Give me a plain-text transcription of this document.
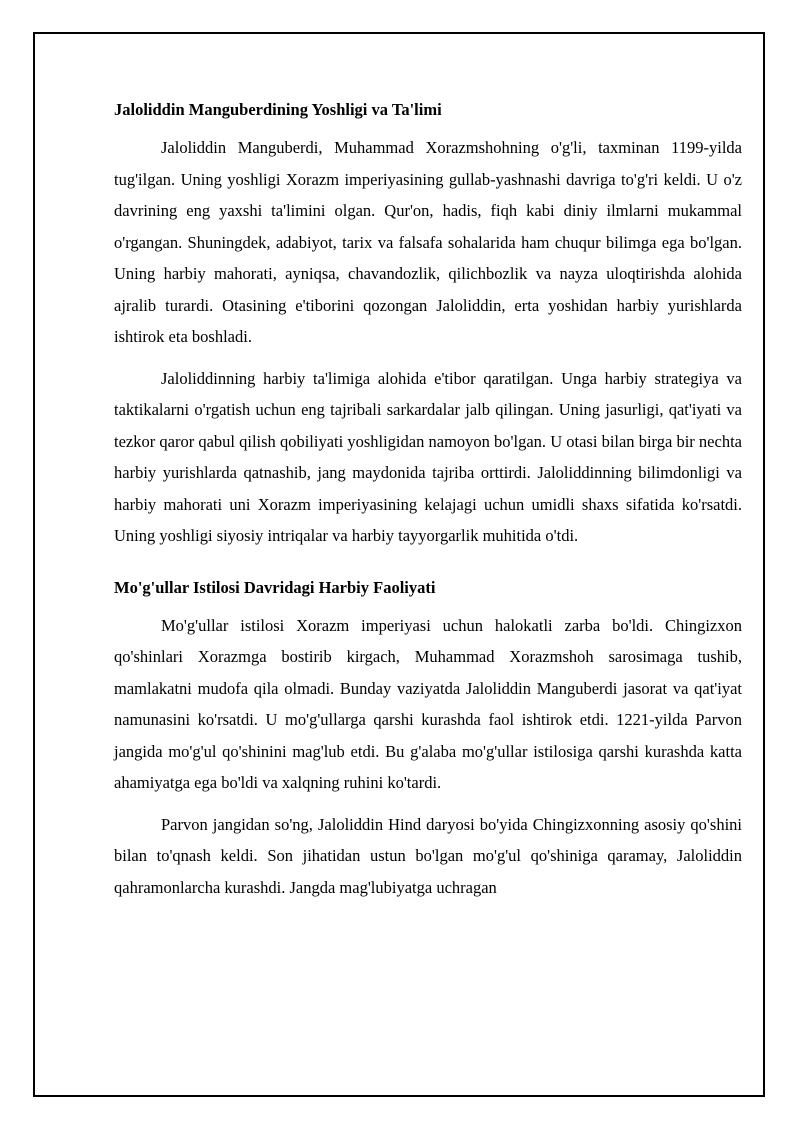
Jaloliddin Manguberdining Yoshligi va Ta'limi

Jaloliddin Manguberdi, Muhammad Xorazmshohning o'g'li, taxminan 1199-yilda tug'ilgan. Uning yoshligi Xorazm imperiyasining gullab-yashnashi davriga to'g'ri keldi. U o'z davrining eng yaxshi ta'limini olgan. Qur'on, hadis, fiqh kabi diniy ilmlarni mukammal o'rgangan. Shuningdek, adabiyot, tarix va falsafa sohalarida ham chuqur bilimga ega bo'lgan. Uning harbiy mahorati, ayniqsa, chavandozlik, qilichbozlik va nayza uloqtirishda alohida ajralib turardi. Otasining e'tiborini qozongan Jaloliddin, erta yoshidan harbiy yurishlarda ishtirok eta boshladi.

Jaloliddinning harbiy ta'limiga alohida e'tibor qaratilgan. Unga harbiy strategiya va taktikalarni o'rgatish uchun eng tajribali sarkardalar jalb qilingan. Uning jasurligi, qat'iyati va tezkor qaror qabul qilish qobiliyati yoshligidan namoyon bo'lgan. U otasi bilan birga bir nechta harbiy yurishlarda qatnashib, jang maydonida tajriba orttirdi. Jaloliddinning bilimdonligi va harbiy mahorati uni Xorazm imperiyasining kelajagi uchun umidli shaxs sifatida ko'rsatdi. Uning yoshligi siyosiy intriqalar va harbiy tayyorgarlik muhitida o'tdi.

Mo'g'ullar Istilosi Davridagi Harbiy Faoliyati

Mo'g'ullar istilosi Xorazm imperiyasi uchun halokatli zarba bo'ldi. Chingizxon qo'shinlari Xorazmga bostirib kirgach, Muhammad Xorazmshoh sarosimaga tushib, mamlakatni mudofa qila olmadi. Bunday vaziyatda Jaloliddin Manguberdi jasorat va qat'iyat namunasini ko'rsatdi. U mo'g'ullarga qarshi kurashda faol ishtirok etdi. 1221-yilda Parvon jangida mo'g'ul qo'shinini mag'lub etdi. Bu g'alaba mo'g'ullar istilosiga qarshi kurashda katta ahamiyatga ega bo'ldi va xalqning ruhini ko'tardi.

Parvon jangidan so'ng, Jaloliddin Hind daryosi bo'yida Chingizxonning asosiy qo'shini bilan to'qnash keldi. Son jihatidan ustun bo'lgan mo'g'ul qo'shiniga qaramay, Jaloliddin qahramonlarcha kurashdi. Jangda mag'lubiyatga uchragan
